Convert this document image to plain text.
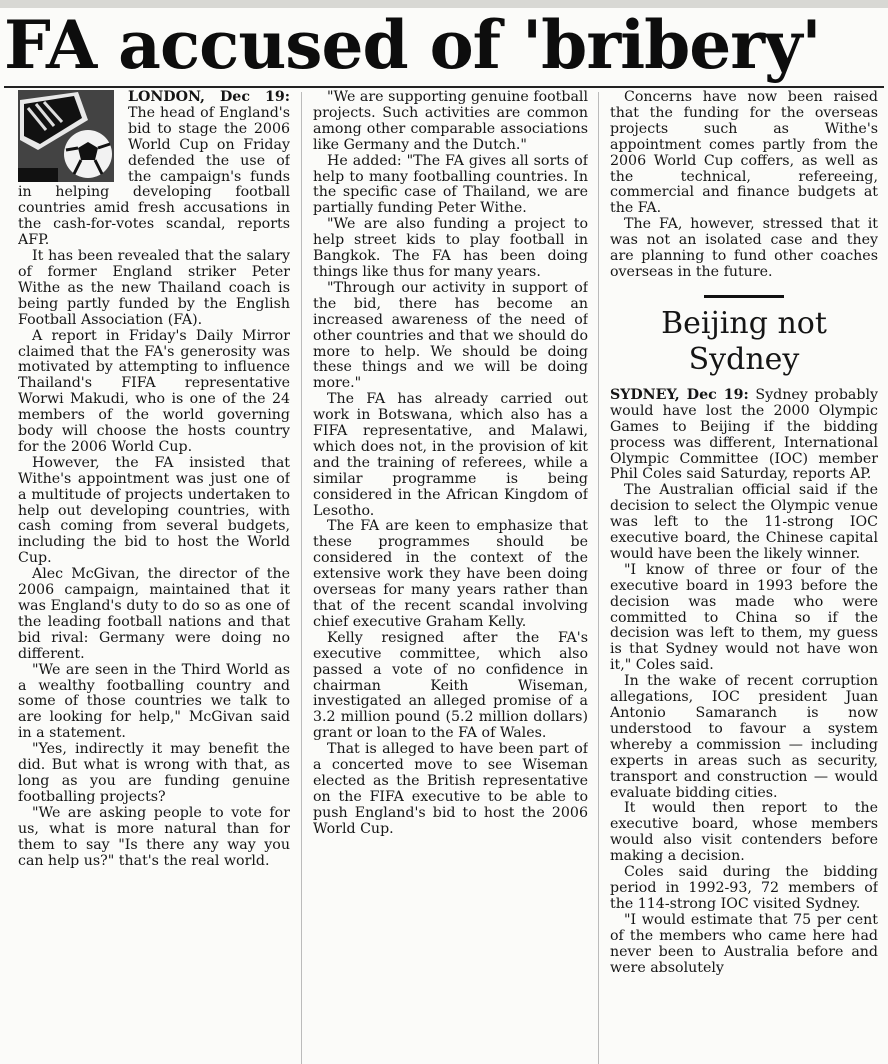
FA accused of 'bribery'

LONDON, Dec 19: The head of England's bid to stage the 2006 World Cup on Friday defended the use of the campaign's funds in helping developing football countries amid fresh accusations in the cash-for-votes scandal, reports AFP.

It has been revealed that the salary of former England striker Peter Withe as the new Thailand coach is being partly funded by the English Football Association (FA).

A report in Friday's Daily Mirror claimed that the FA's generosity was motivated by attempting to influence Thailand's FIFA representative Worwi Makudi, who is one of the 24 members of the world governing body will choose the hosts country for the 2006 World Cup.

However, the FA insisted that Withe's appointment was just one of a multitude of projects undertaken to help out developing countries, with cash coming from several budgets, including the bid to host the World Cup.

Alec McGivan, the director of the 2006 campaign, maintained that it was England's duty to do so as one of the leading football nations and that bid rival: Germany were doing no different.

"We are seen in the Third World as a wealthy footballing country and some of those countries we talk to are looking for help," McGivan said in a statement.

"Yes, indirectly it may benefit the did. But what is wrong with that, as long as you are funding genuine footballing projects?

"We are asking people to vote for us, what is more natural than for them to say "Is there any way you can help us?" that's the real world.

"We are supporting genuine football projects. Such activities are common among other comparable associations like Germany and the Dutch."

He added: "The FA gives all sorts of help to many footballing countries. In the specific case of Thailand, we are partially funding Peter Withe.

"We are also funding a project to help street kids to play football in Bangkok. The FA has been doing things like thus for many years.

"Through our activity in support of the bid, there has become an increased awareness of the need of other countries and that we should do more to help. We should be doing these things and we will be doing more."

The FA has already carried out work in Botswana, which also has a FIFA representative, and Malawi, which does not, in the provision of kit and the training of referees, while a similar programme is being considered in the African Kingdom of Lesotho.

The FA are keen to emphasize that these programmes should be considered in the context of the extensive work they have been doing overseas for many years rather than that of the recent scandal involving chief executive Graham Kelly.

Kelly resigned after the FA's executive committee, which also passed a vote of no confidence in chairman Keith Wiseman, investigated an alleged promise of a 3.2 million pound (5.2 million dollars) grant or loan to the FA of Wales.

That is alleged to have been part of a concerted move to see Wiseman elected as the British representative on the FIFA executive to be able to push England's bid to host the 2006 World Cup.

Concerns have now been raised that the funding for the overseas projects such as Withe's appointment comes partly from the 2006 World Cup coffers, as well as the technical, refereeing, commercial and finance budgets at the FA.

The FA, however, stressed that it was not an isolated case and they are planning to fund other coaches overseas in the future.

Beijing not Sydney

SYDNEY, Dec 19: Sydney probably would have lost the 2000 Olympic Games to Beijing if the bidding process was different, International Olympic Committee (IOC) member Phil Coles said Saturday, reports AP.

The Australian official said if the decision to select the Olympic venue was left to the 11-strong IOC executive board, the Chinese capital would have been the likely winner.

"I know of three or four of the executive board in 1993 before the decision was made who were committed to China so if the decision was left to them, my guess is that Sydney would not have won it," Coles said.

In the wake of recent corruption allegations, IOC president Juan Antonio Samaranch is now understood to favour a system whereby a commission — including experts in areas such as security, transport and construction — would evaluate bidding cities.

It would then report to the executive board, whose members would also visit contenders before making a decision.

Coles said during the bidding period in 1992-93, 72 members of the 114-strong IOC visited Sydney.

"I would estimate that 75 per cent of the members who came here had never been to Australia before and were absolutely
